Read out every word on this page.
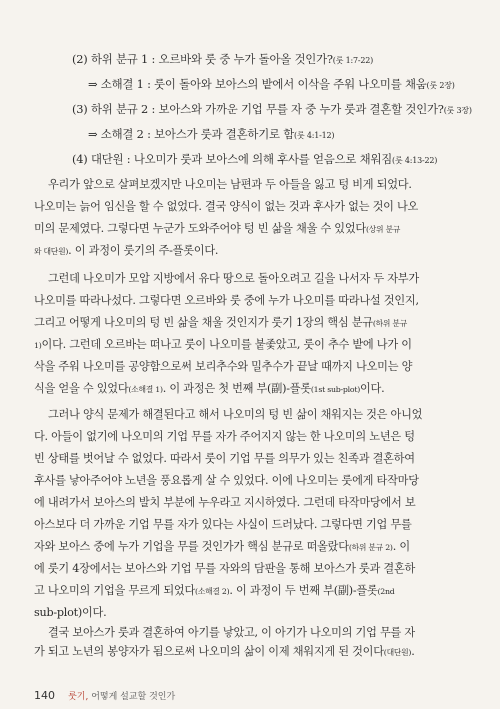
(2) 하위 분규 1 : 오르바와 룻 중 누가 돌아올 것인가?(룻 1:7-22)
⇒ 소해결 1 : 룻이 돌아와 보아스의 밭에서 이삭을 주워 나오미를 채움(룻 2장)
(3) 하위 분규 2 : 보아스와 가까운 기업 무를 자 중 누가 룻과 결혼할 것인가?(룻 3장)
⇒ 소해결 2 : 보아스가 룻과 결혼하기로 함(룻 4:1-12)
(4) 대단원 : 나오미가 룻과 보아스에 의해 후사를 얻음으로 채워짐(룻 4:13-22)
우리가 앞으로 살펴보겠지만 나오미는 남편과 두 아들을 잃고 텅 비게 되었다.
나오미는 늙어 임신을 할 수 없었다. 결국 양식이 없는 것과 후사가 없는 것이 나오
미의 문제였다. 그렇다면 누군가 도와주어야 텅 빈 삶을 채울 수 있었다(상위 분규
와 대단원). 이 과정이 룻기의 주-플롯이다.
그런데 나오미가 모압 지방에서 유다 땅으로 돌아오려고 길을 나서자 두 자부가
나오미를 따라나섰다. 그렇다면 오르바와 룻 중에 누가 나오미를 따라나설 것인지,
그리고 어떻게 나오미의 텅 빈 삶을 채울 것인지가 룻기 1장의 핵심 분규(하위 분규
1)이다. 그런데 오르바는 떠나고 룻이 나오미를 붙좇았고, 룻이 추수 밭에 나가 이
삭을 주워 나오미를 공양함으로써 보리추수와 밀추수가 끝날 때까지 나오미는 양
식을 얻을 수 있었다(소해결 1). 이 과정은 첫 번째 부(副)-플롯(1st sub-plot)이다.
그러나 양식 문제가 해결된다고 해서 나오미의 텅 빈 삶이 채워지는 것은 아니었
다. 아들이 없기에 나오미의 기업 무를 자가 주어지지 않는 한 나오미의 노년은 텅
빈 상태를 벗어날 수 없었다. 따라서 룻이 기업 무를 의무가 있는 친족과 결혼하여
후사를 낳아주어야 노년을 풍요롭게 살 수 있었다. 이에 나오미는 룻에게 타작마당
에 내려가서 보아스의 발치 부분에 누우라고 지시하였다. 그런데 타작마당에서 보
아스보다 더 가까운 기업 무를 자가 있다는 사실이 드러났다. 그렇다면 기업 무를
자와 보아스 중에 누가 기업을 무를 것인가가 핵심 분규로 떠올랐다(하위 분규 2). 이
에 룻기 4장에서는 보아스와 기업 무를 자와의 담판을 통해 보아스가 룻과 결혼하
고 나오미의 기업을 무르게 되었다(소해결 2). 이 과정이 두 번째 부(副)-플롯(2nd
sub-plot)이다.
결국 보아스가 룻과 결혼하여 아기를 낳았고, 이 아기가 나오미의 기업 무를 자
가 되고 노년의 봉양자가 됨으로써 나오미의 삶이 이제 채워지게 된 것이다(대단원).
140 룻기, 어떻게 설교할 것인가
